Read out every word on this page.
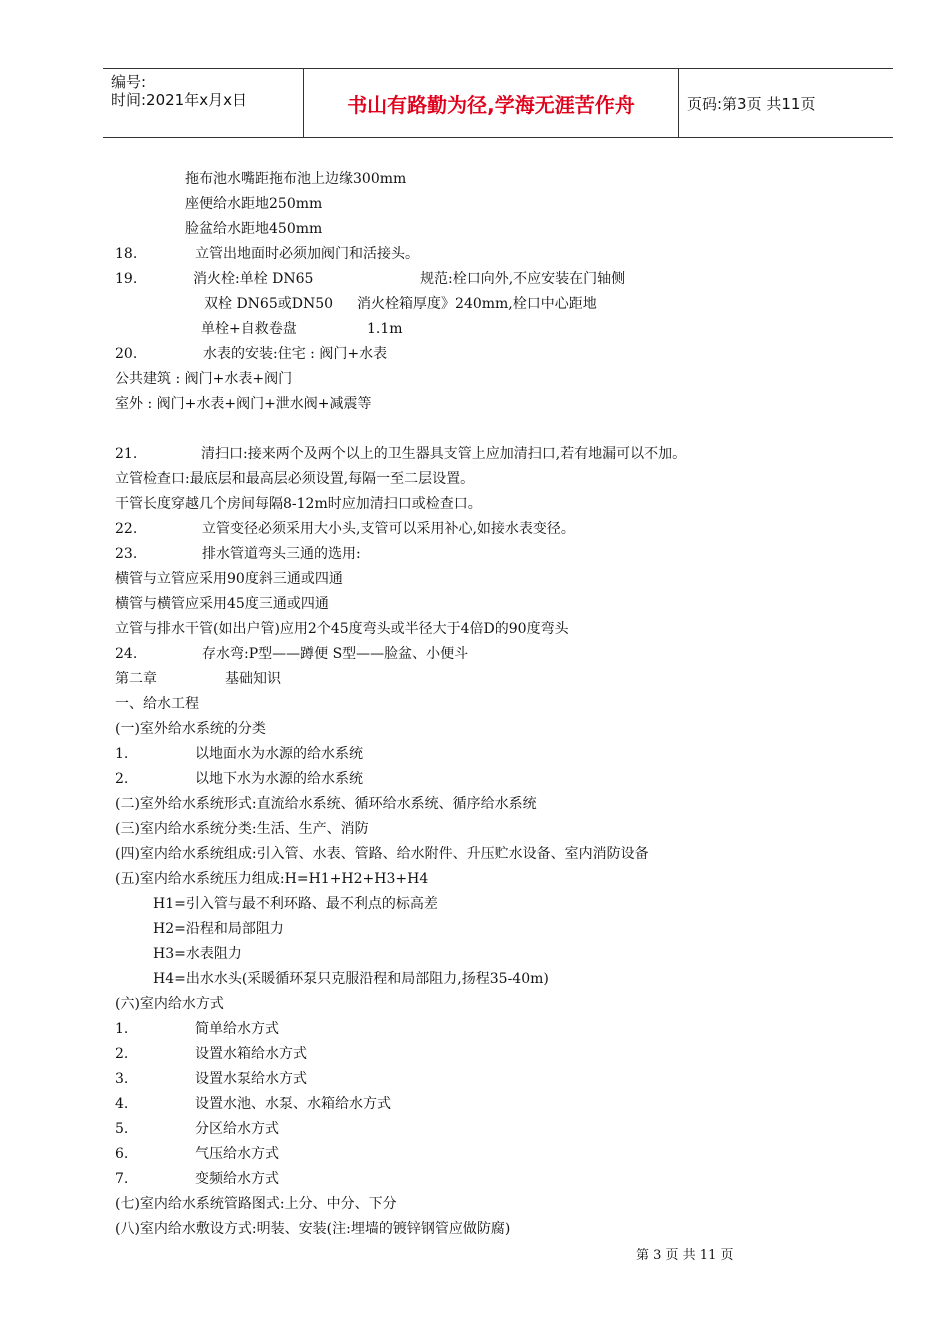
编号:
时间:2021年x月x日	书山有路勤为径,学海无涯苦作舟	页码:第3页 共11页
拖布池水嘴距拖布池上边缘300mm
座便给水距地250mm
脸盆给水距地450mm
18.	立管出地面时必须加阀门和活接头。
19.	消火栓:单栓 DN65	规范:栓口向外,不应安装在门轴侧
双栓 DN65或DN50 消火栓箱厚度》240mm,栓口中心距地
单栓+自救卷盘	1.1m
20.	水表的安装:住宅 : 阀门+水表
公共建筑 : 阀门+水表+阀门
室外 : 阀门+水表+阀门+泄水阀+减震等
21.	清扫口:接来两个及两个以上的卫生器具支管上应加清扫口,若有地漏可以不加。
立管检查口:最底层和最高层必须设置,每隔一至二层设置。
干管长度穿越几个房间每隔8-12m时应加清扫口或检查口。
22.	立管变径必须采用大小头,支管可以采用补心,如接水表变径。
23.	排水管道弯头三通的选用:
横管与立管应采用90度斜三通或四通
横管与横管应采用45度三通或四通
立管与排水干管(如出户管)应用2个45度弯头或半径大于4倍D的90度弯头
24.	存水弯:P型——蹲便 S型——脸盆、小便斗
第二章	基础知识
一、给水工程
(一)室外给水系统的分类
1.	以地面水为水源的给水系统
2.	以地下水为水源的给水系统
(二)室外给水系统形式:直流给水系统、循环给水系统、循序给水系统
(三)室内给水系统分类:生活、生产、消防
(四)室内给水系统组成:引入管、水表、管路、给水附件、升压贮水设备、室内消防设备
(五)室内给水系统压力组成:H=H1+H2+H3+H4
H1=引入管与最不利环路、最不利点的标高差
H2=沿程和局部阻力
H3=水表阻力
H4=出水水头(采暖循环泵只克服沿程和局部阻力,扬程35-40m)
(六)室内给水方式
1.	简单给水方式
2.	设置水箱给水方式
3.	设置水泵给水方式
4.	设置水池、水泵、水箱给水方式
5.	分区给水方式
6.	气压给水方式
7.	变频给水方式
(七)室内给水系统管路图式:上分、中分、下分
(八)室内给水敷设方式:明装、安装(注:埋墙的镀锌钢管应做防腐)
第 3 页 共 11 页
